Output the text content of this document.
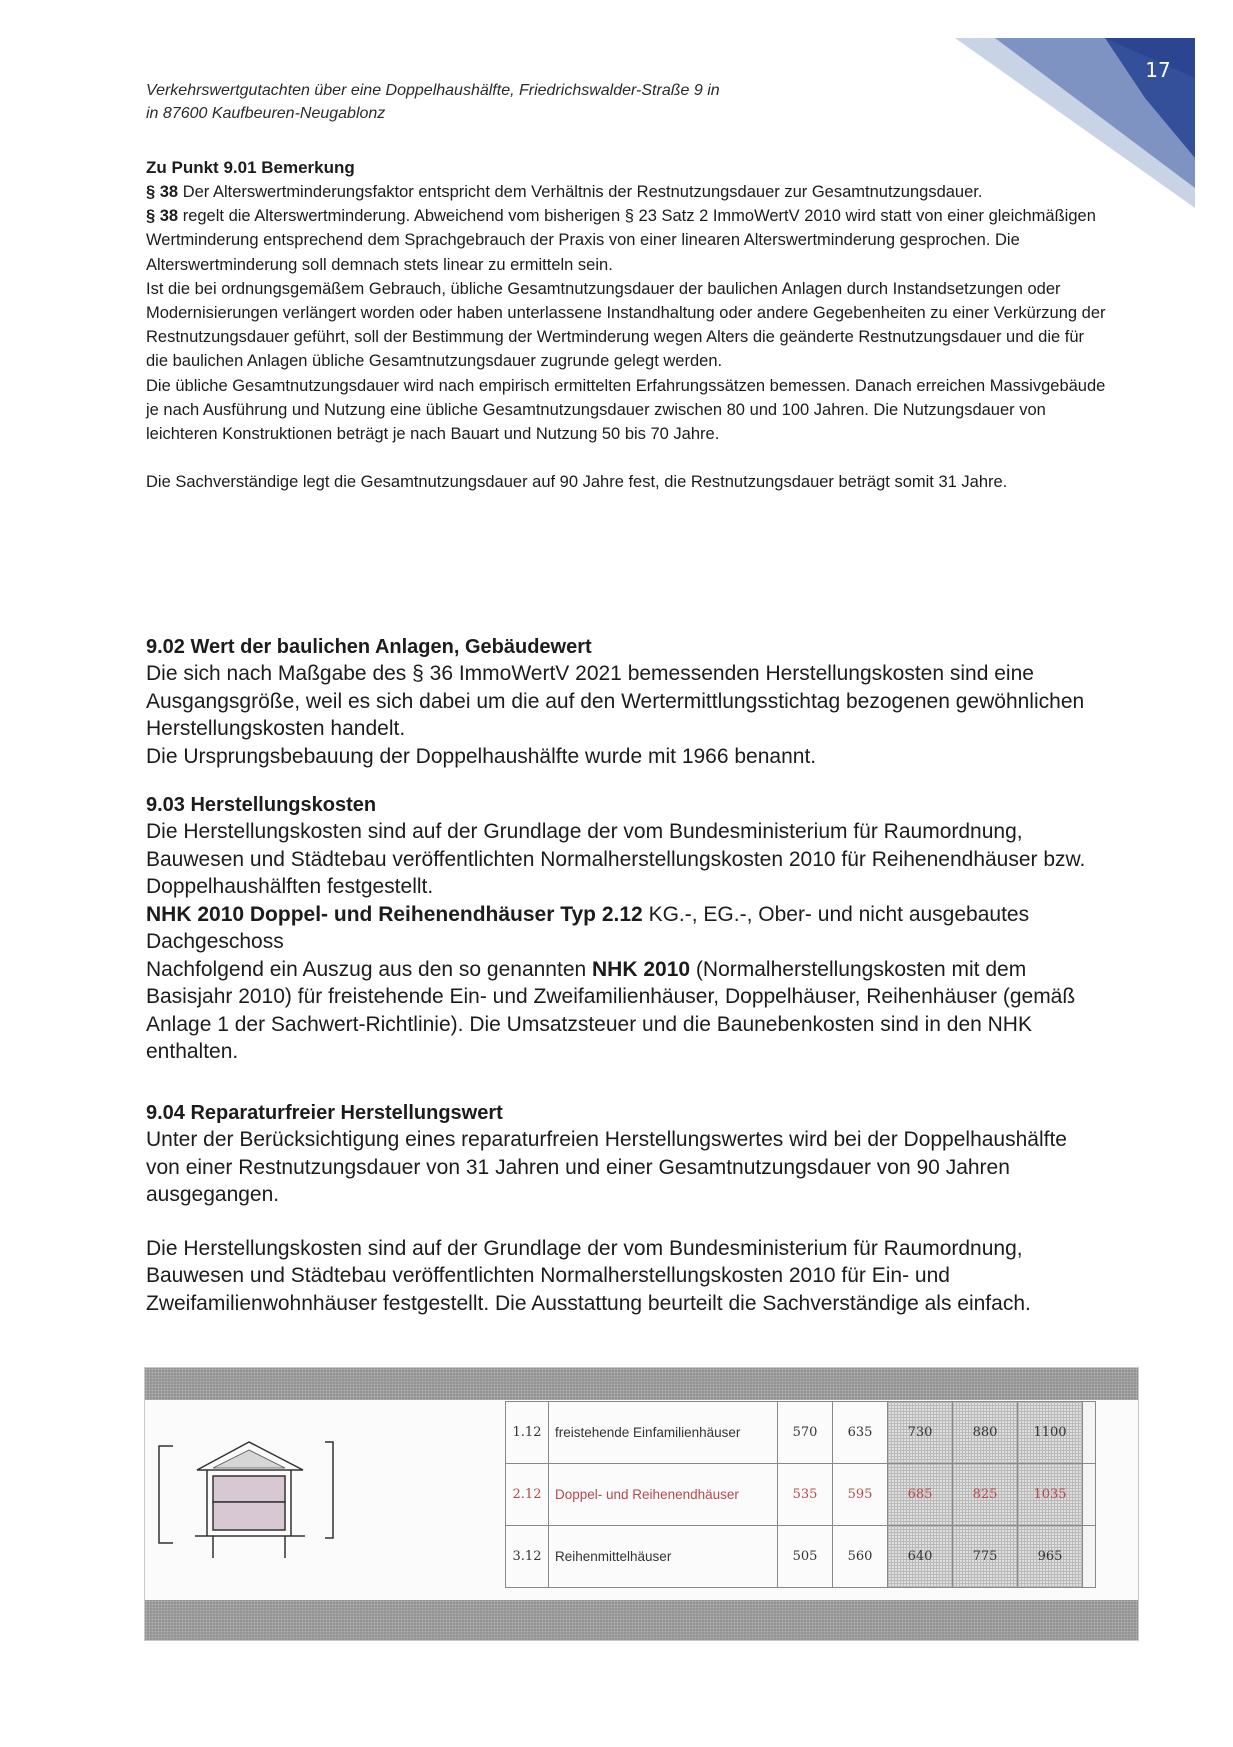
17
Verkehrswertgutachten über eine Doppelhaushälfte, Friedrichswalder-Straße 9 in
in 87600 Kaufbeuren-Neugablonz
Zu Punkt 9.01 Bemerkung

§ 38 Der Alterswertminderungsfaktor entspricht dem Verhältnis der Restnutzungsdauer zur Gesamtnutzungsdauer.

§ 38 regelt die Alterswertminderung. Abweichend vom bisherigen § 23 Satz 2 ImmoWertV 2010 wird statt von einer gleichmäßigen Wertminderung entsprechend dem Sprachgebrauch der Praxis von einer linearen Alterswertminderung gesprochen. Die Alterswertminderung soll demnach stets linear zu ermitteln sein.

Ist die bei ordnungsgemäßem Gebrauch, übliche Gesamtnutzungsdauer der baulichen Anlagen durch Instandsetzungen oder Modernisierungen verlängert worden oder haben unterlassene Instandhaltung oder andere Gegebenheiten zu einer Verkürzung der Restnutzungsdauer geführt, soll der Bestimmung der Wertminderung wegen Alters die geänderte Restnutzungsdauer und die für die baulichen Anlagen übliche Gesamtnutzungsdauer zugrunde gelegt werden.

Die übliche Gesamtnutzungsdauer wird nach empirisch ermittelten Erfahrungssätzen bemessen. Danach erreichen Massivgebäude je nach Ausführung und Nutzung eine übliche Gesamtnutzungsdauer zwischen 80 und 100 Jahren. Die Nutzungsdauer von leichteren Konstruktionen beträgt je nach Bauart und Nutzung 50 bis 70 Jahre.

Die Sachverständige legt die Gesamtnutzungsdauer auf 90 Jahre fest, die Restnutzungsdauer beträgt somit 31 Jahre.

9.02 Wert der baulichen Anlagen, Gebäudewert

Die sich nach Maßgabe des § 36 ImmoWertV 2021 bemessenden Herstellungskosten sind eine Ausgangsgröße, weil es sich dabei um die auf den Wertermittlungsstichtag bezogenen gewöhnlichen Herstellungskosten handelt.

Die Ursprungsbebauung der Doppelhaushälfte wurde mit 1966 benannt.

9.03 Herstellungskosten

Die Herstellungskosten sind auf der Grundlage der vom Bundesministerium für Raumordnung, Bauwesen und Städtebau veröffentlichten Normalherstellungskosten 2010 für Reihenendhäuser bzw. Doppelhaushälften festgestellt.

NHK 2010 Doppel- und Reihenendhäuser Typ 2.12 KG.-, EG.-, Ober- und nicht ausgebautes Dachgeschoss

Nachfolgend ein Auszug aus den so genannten NHK 2010 (Normalherstellungskosten mit dem Basisjahr 2010) für freistehende Ein- und Zweifamilienhäuser, Doppelhäuser, Reihenhäuser (gemäß Anlage 1 der Sachwert-Richtlinie). Die Umsatzsteuer und die Baunebenkosten sind in den NHK enthalten.

9.04 Reparaturfreier Herstellungswert

Unter der Berücksichtigung eines reparaturfreien Herstellungswertes wird bei der Doppelhaushälfte von einer Restnutzungsdauer von 31 Jahren und einer Gesamtnutzungsdauer von 90 Jahren ausgegangen.

Die Herstellungskosten sind auf der Grundlage der vom Bundesministerium für Raumordnung, Bauwesen und Städtebau veröffentlichten Normalherstellungskosten 2010 für Ein- und Zweifamilienwohnhäuser festgestellt. Die Ausstattung beurteilt die Sachverständige als einfach.

1.12	freistehende Einfamilienhäuser	570	635	730	880	1100	
2.12	Doppel- und Reihenendhäuser	535	595	685	825	1035	
3.12	Reihenmittelhäuser	505	560	640	775	965	
